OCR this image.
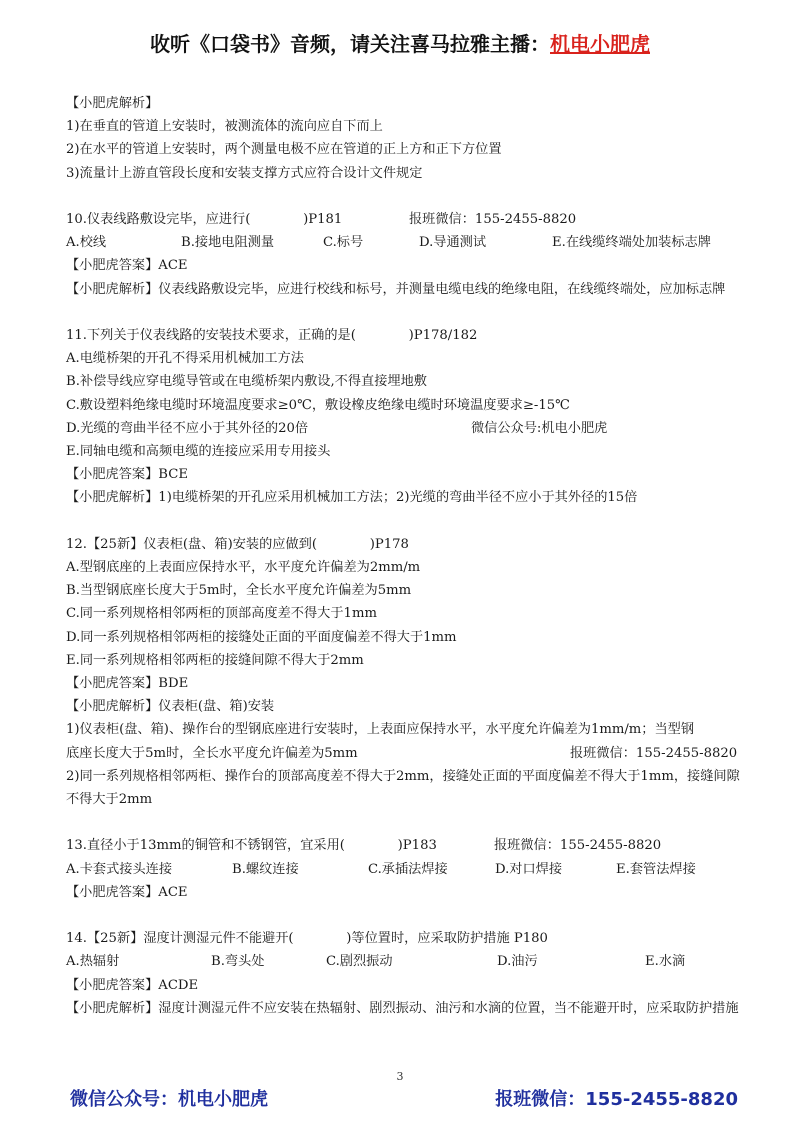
收听《口袋书》音频，请关注喜马拉雅主播：机电小肥虎
【小肥虎解析】
1)在垂直的管道上安装时，被测流体的流向应自下而上
2)在水平的管道上安装时，两个测量电极不应在管道的正上方和正下方位置
3)流量计上游直管段长度和安装支撑方式应符合设计文件规定
10.仪表线路敷设完毕，应进行(　　　　)P181	报班微信：155-2455-8820
A.校线	B.接地电阻测量	C.标号	D.导通测试	E.在线缆终端处加装标志牌
【小肥虎答案】ACE
【小肥虎解析】仪表线路敷设完毕，应进行校线和标号，并测量电缆电线的绝缘电阻，在线缆终端处，应加标志牌
11.下列关于仪表线路的安装技术要求，正确的是(　　　　)P178/182
A.电缆桥架的开孔不得采用机械加工方法
B.补偿导线应穿电缆导管或在电缆桥架内敷设,不得直接埋地敷
C.敷设塑料绝缘电缆时环境温度要求≥0℃，敷设橡皮绝缘电缆时环境温度要求≥-15℃
D.光缆的弯曲半径不应小于其外径的20倍	微信公众号:机电小肥虎
E.同轴电缆和高频电缆的连接应采用专用接头
【小肥虎答案】BCE
【小肥虎解析】1)电缆桥架的开孔应采用机械加工方法；2)光缆的弯曲半径不应小于其外径的15倍
12.【25新】仪表柜(盘、箱)安装的应做到(　　　　)P178
A.型钢底座的上表面应保持水平，水平度允许偏差为2mm/m
B.当型钢底座长度大于5m时，全长水平度允许偏差为5mm
C.同一系列规格相邻两柜的顶部高度差不得大于1mm
D.同一系列规格相邻两柜的接缝处正面的平面度偏差不得大于1mm
E.同一系列规格相邻两柜的接缝间隙不得大于2mm
【小肥虎答案】BDE
【小肥虎解析】仪表柜(盘、箱)安装
1)仪表柜(盘、箱)、操作台的型钢底座进行安装时，上表面应保持水平，水平度允许偏差为1mm/m；当型钢
底座长度大于5m时，全长水平度允许偏差为5mm	报班微信：155-2455-8820
2)同一系列规格相邻两柜、操作台的顶部高度差不得大于2mm，接缝处正面的平面度偏差不得大于1mm，接缝间隙不得大于2mm
13.直径小于13mm的铜管和不锈钢管，宜采用(　　　　)P183	报班微信：155-2455-8820
A.卡套式接头连接	B.螺纹连接	C.承插法焊接	D.对口焊接	E.套管法焊接
【小肥虎答案】ACE
14.【25新】湿度计测湿元件不能避开(　　　　)等位置时，应采取防护措施 P180
A.热辐射	B.弯头处	C.剧烈振动	D.油污	E.水滴
【小肥虎答案】ACDE
【小肥虎解析】湿度计测湿元件不应安装在热辐射、剧烈振动、油污和水滴的位置，当不能避开时，应采取防护措施
3
微信公众号：机电小肥虎	报班微信：155-2455-8820
